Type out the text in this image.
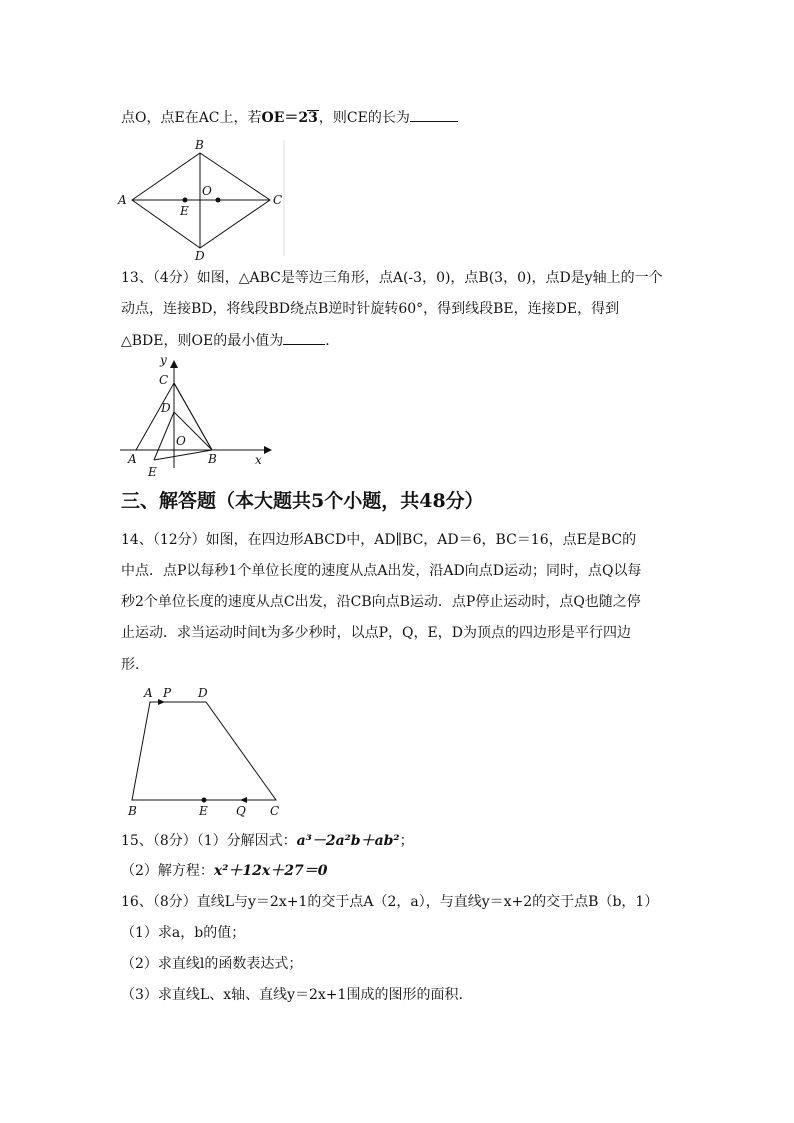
点O，点E在AC上，若OE＝23，则CE的长为
A
B
C
D
O
E
13、（4分）如图，△ABC是等边三角形，点A(-3，0)，点B(3，0)，点D是y轴上的一个
动点，连接BD，将线段BD绕点B逆时针旋转60°，得到线段BE，连接DE，得到
△BDE，则OE的最小值为	.
y
x
C
D
O
A	B
E
三、解答题（本大题共5个小题，共48分）
14、（12分）如图，在四边形ABCD中，AD∥BC，AD＝6，BC＝16，点E是BC的
中点．点P以每秒1个单位长度的速度从点A出发，沿AD向点D运动；同时，点Q以每
秒2个单位长度的速度从点C出发，沿CB向点B运动．点P停止运动时，点Q也随之停
止运动．求当运动时间t为多少秒时，以点P，Q，E，D为顶点的四边形是平行四边
形．
A P D
B	E Q C
15、（8分）（1）分解因式：a³－2a²b＋ab²；
（2）解方程：x²＋12x＋27＝0
16、（8分）直线L与y＝2x+1的交于点A（2，a），与直线y＝x+2的交于点B（b，1）
（1）求a，b的值；
（2）求直线l的函数表达式；
（3）求直线L、x轴、直线y＝2x+1围成的图形的面积.
